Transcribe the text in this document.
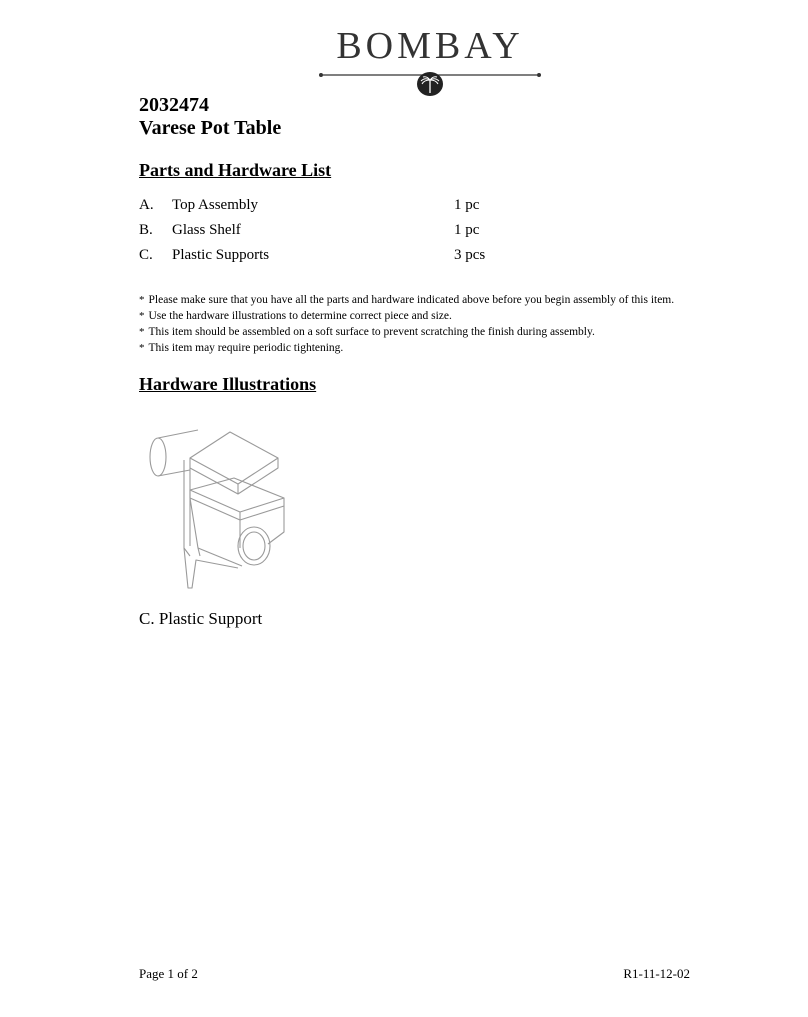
BOMBAY
2032474
Varese Pot Table
Parts and Hardware List
A. Top Assembly	1 pc
B. Glass Shelf	1 pc
C. Plastic Supports	3 pcs
* Please make sure that you have all the parts and hardware indicated above before you begin assembly of this item.
* Use the hardware illustrations to determine correct piece and size.
* This item should be assembled on a soft surface to prevent scratching the finish during assembly.
* This item may require periodic tightening.
Hardware Illustrations
C. Plastic Support
Page 1 of 2	R1-11-12-02
